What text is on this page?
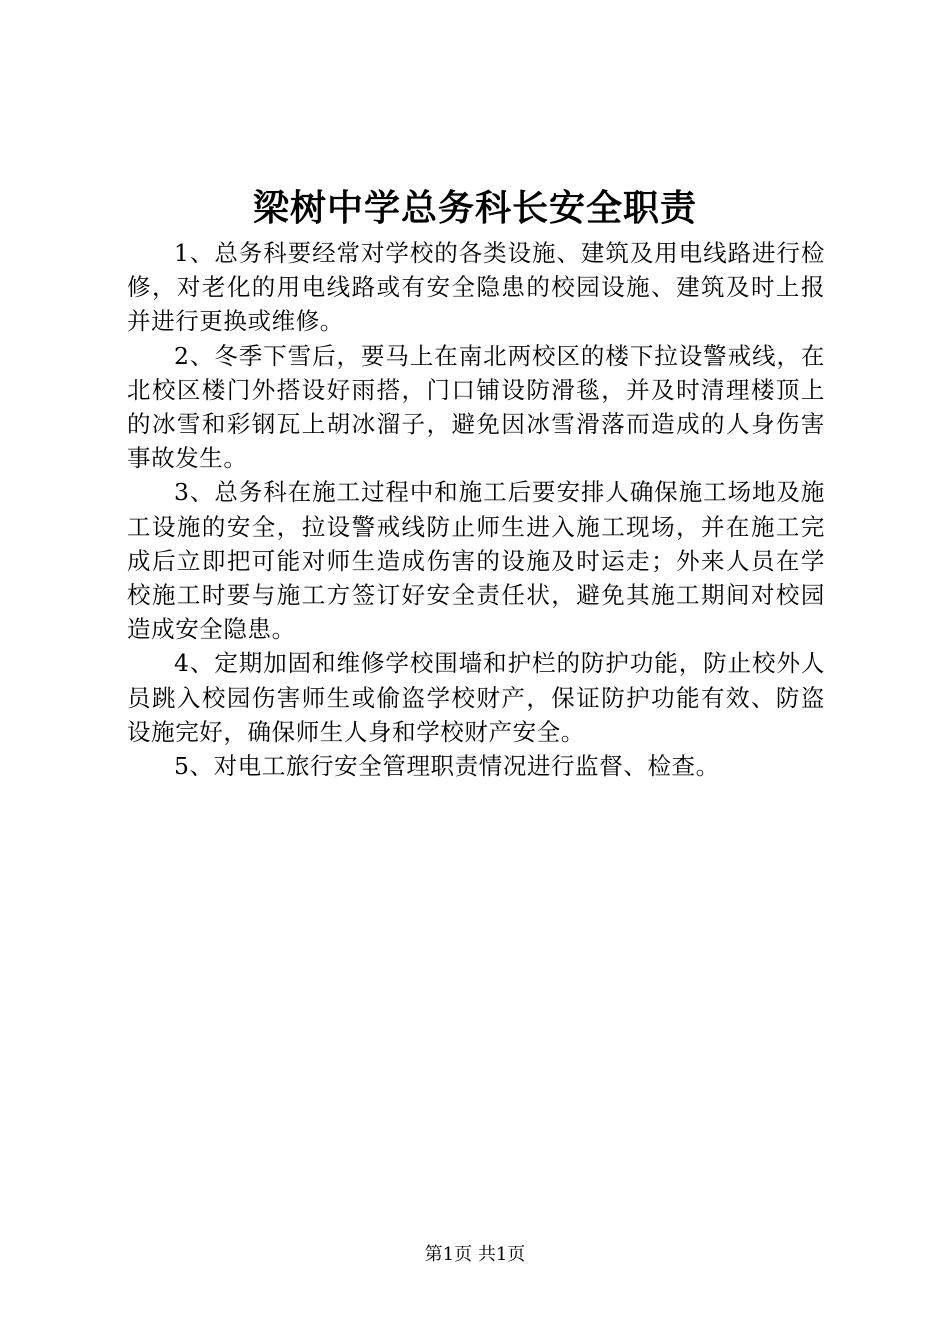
梁树中学总务科长安全职责

1、总务科要经常对学校的各类设施、建筑及用电线路进行检修，对老化的用电线路或有安全隐患的校园设施、建筑及时上报并进行更换或维修。

2、冬季下雪后，要马上在南北两校区的楼下拉设警戒线，在北校区楼门外搭设好雨搭，门口铺设防滑毯，并及时清理楼顶上的冰雪和彩钢瓦上胡冰溜子，避免因冰雪滑落而造成的人身伤害事故发生。

3、总务科在施工过程中和施工后要安排人确保施工场地及施工设施的安全，拉设警戒线防止师生进入施工现场，并在施工完成后立即把可能对师生造成伤害的设施及时运走；外来人员在学校施工时要与施工方签订好安全责任状，避免其施工期间对校园造成安全隐患。

4、定期加固和维修学校围墙和护栏的防护功能，防止校外人员跳入校园伤害师生或偷盗学校财产，保证防护功能有效、防盗设施完好，确保师生人身和学校财产安全。

5、对电工旅行安全管理职责情况进行监督、检查。

第1页 共1页
